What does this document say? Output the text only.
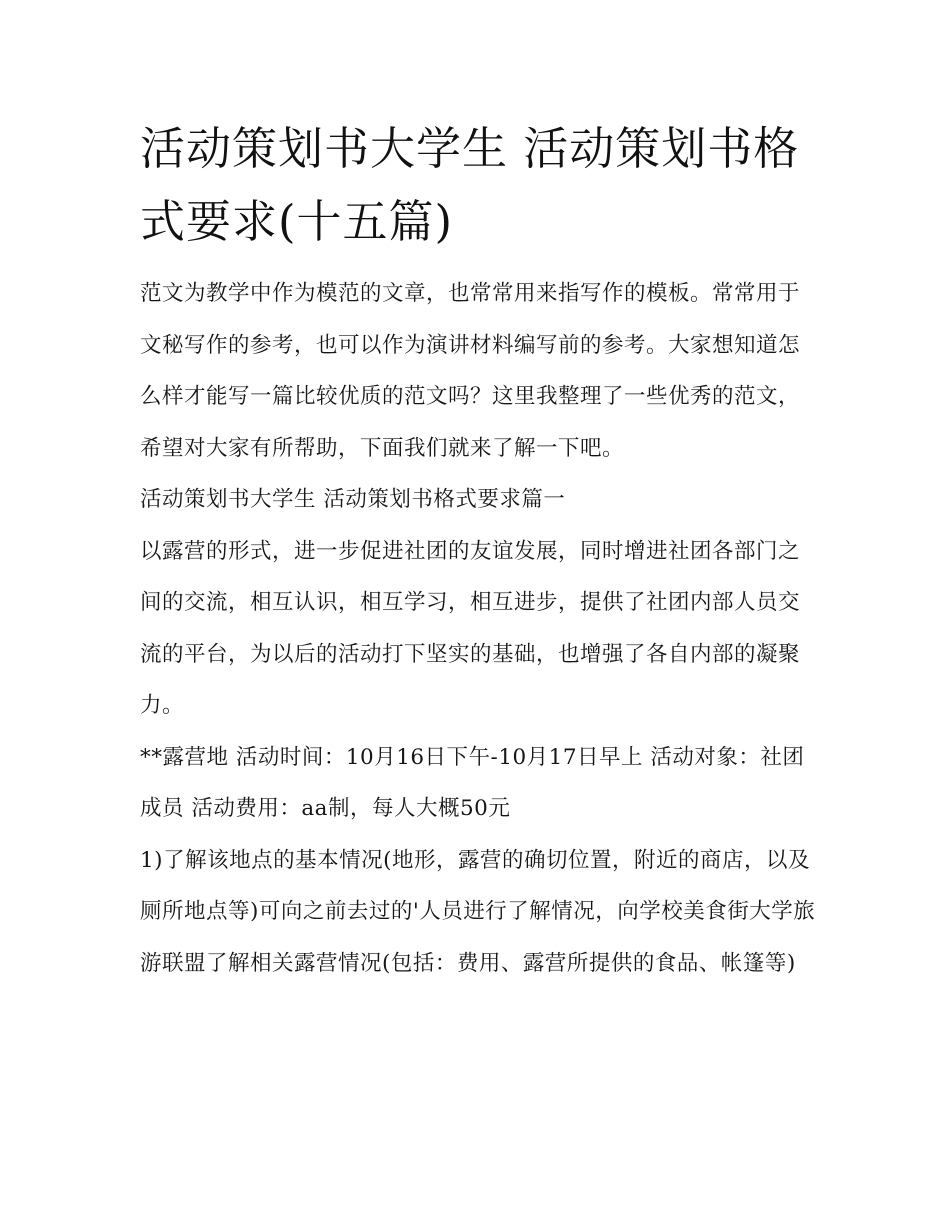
活动策划书大学生 活动策划书格式要求(十五篇)

范文为教学中作为模范的文章，也常常用来指写作的模板。常常用于文秘写作的参考，也可以作为演讲材料编写前的参考。大家想知道怎么样才能写一篇比较优质的范文吗？这里我整理了一些优秀的范文，希望对大家有所帮助，下面我们就来了解一下吧。

活动策划书大学生 活动策划书格式要求篇一

以露营的形式，进一步促进社团的友谊发展，同时增进社团各部门之间的交流，相互认识，相互学习，相互进步，提供了社团内部人员交流的平台，为以后的活动打下坚实的基础，也增强了各自内部的凝聚力。

**露营地 活动时间：10月16日下午-10月17日早上 活动对象：社团成员 活动费用：aa制，每人大概50元

1)了解该地点的基本情况(地形，露营的确切位置，附近的商店，以及厕所地点等)可向之前去过的'人员进行了解情况，向学校美食街大学旅游联盟了解相关露营情况(包括：费用、露营所提供的食品、帐篷等)
